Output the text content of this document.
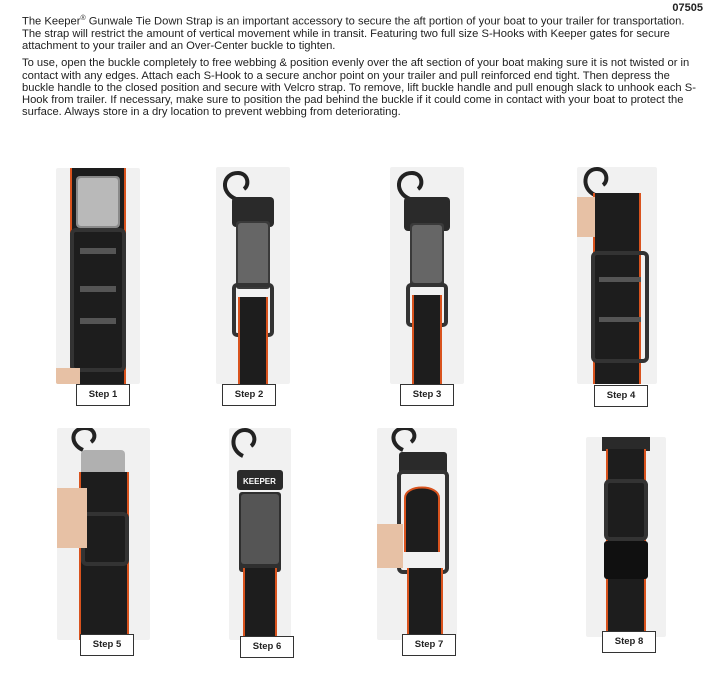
07505

The Keeper® Gunwale Tie Down Strap is an important accessory to secure the aft portion of your boat to your trailer for transportation. The strap will restrict the amount of vertical movement while in transit. Featuring two full size S-Hooks with Keeper gates for secure attachment to your trailer and an Over-Center buckle to tighten.

To use, open the buckle completely to free webbing & position evenly over the aft section of your boat making sure it is not twisted or in contact with any edges. Attach each S-Hook to a secure anchor point on your trailer and pull reinforced end tight. Then depress the buckle handle to the closed position and secure with Velcro strap. To remove, lift buckle handle and pull enough slack to unhook each S-Hook from trailer. If necessary, make sure to position the pad behind the buckle if it could come in contact with your boat to protect the surface. Always store in a dry location to prevent webbing from deteriorating.

Step 1	Step 2	Step 3	Step 4
Step 5
KEEPER
Step 6	Step 7	Step 8
